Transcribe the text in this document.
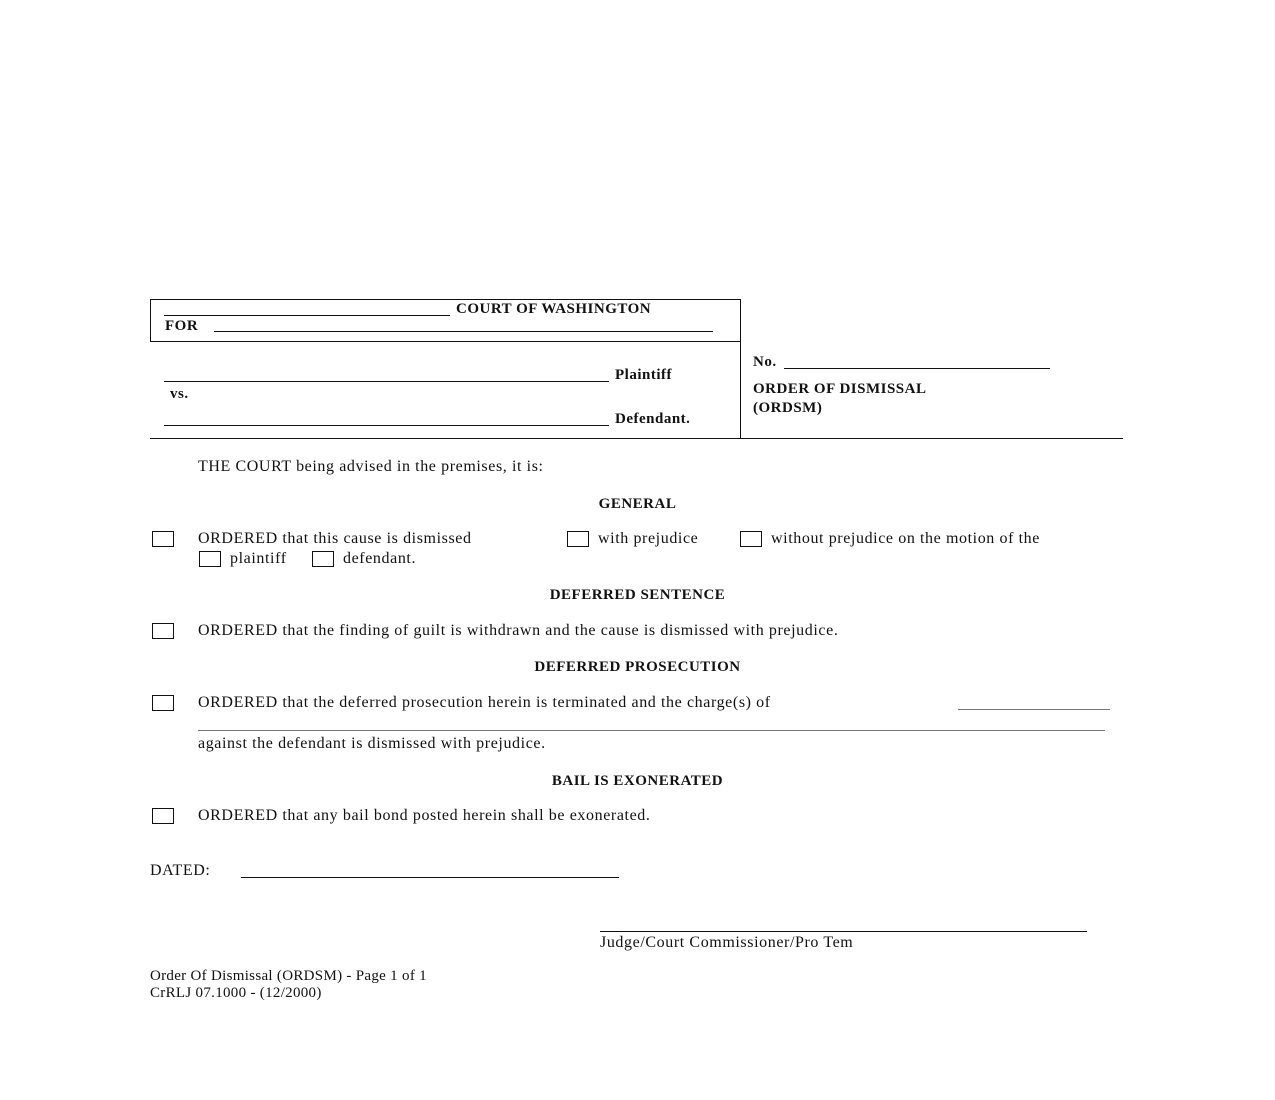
COURT OF WASHINGTON
FOR
Plaintiff
vs.
Defendant.
No.
ORDER OF DISMISSAL
(ORDSM)
THE COURT being advised in the premises, it is:
GENERAL
ORDERED that this cause is dismissed	with prejudice	without prejudice on the motion of the
plaintiff	defendant.
DEFERRED SENTENCE
ORDERED that the finding of guilt is withdrawn and the cause is dismissed with prejudice.
DEFERRED PROSECUTION
ORDERED that the deferred prosecution herein is terminated and the charge(s) of
against the defendant is dismissed with prejudice.
BAIL IS EXONERATED
ORDERED that any bail bond posted herein shall be exonerated.
DATED:
Judge/Court Commissioner/Pro Tem
Order Of Dismissal (ORDSM) - Page 1 of 1
CrRLJ 07.1000 - (12/2000)
